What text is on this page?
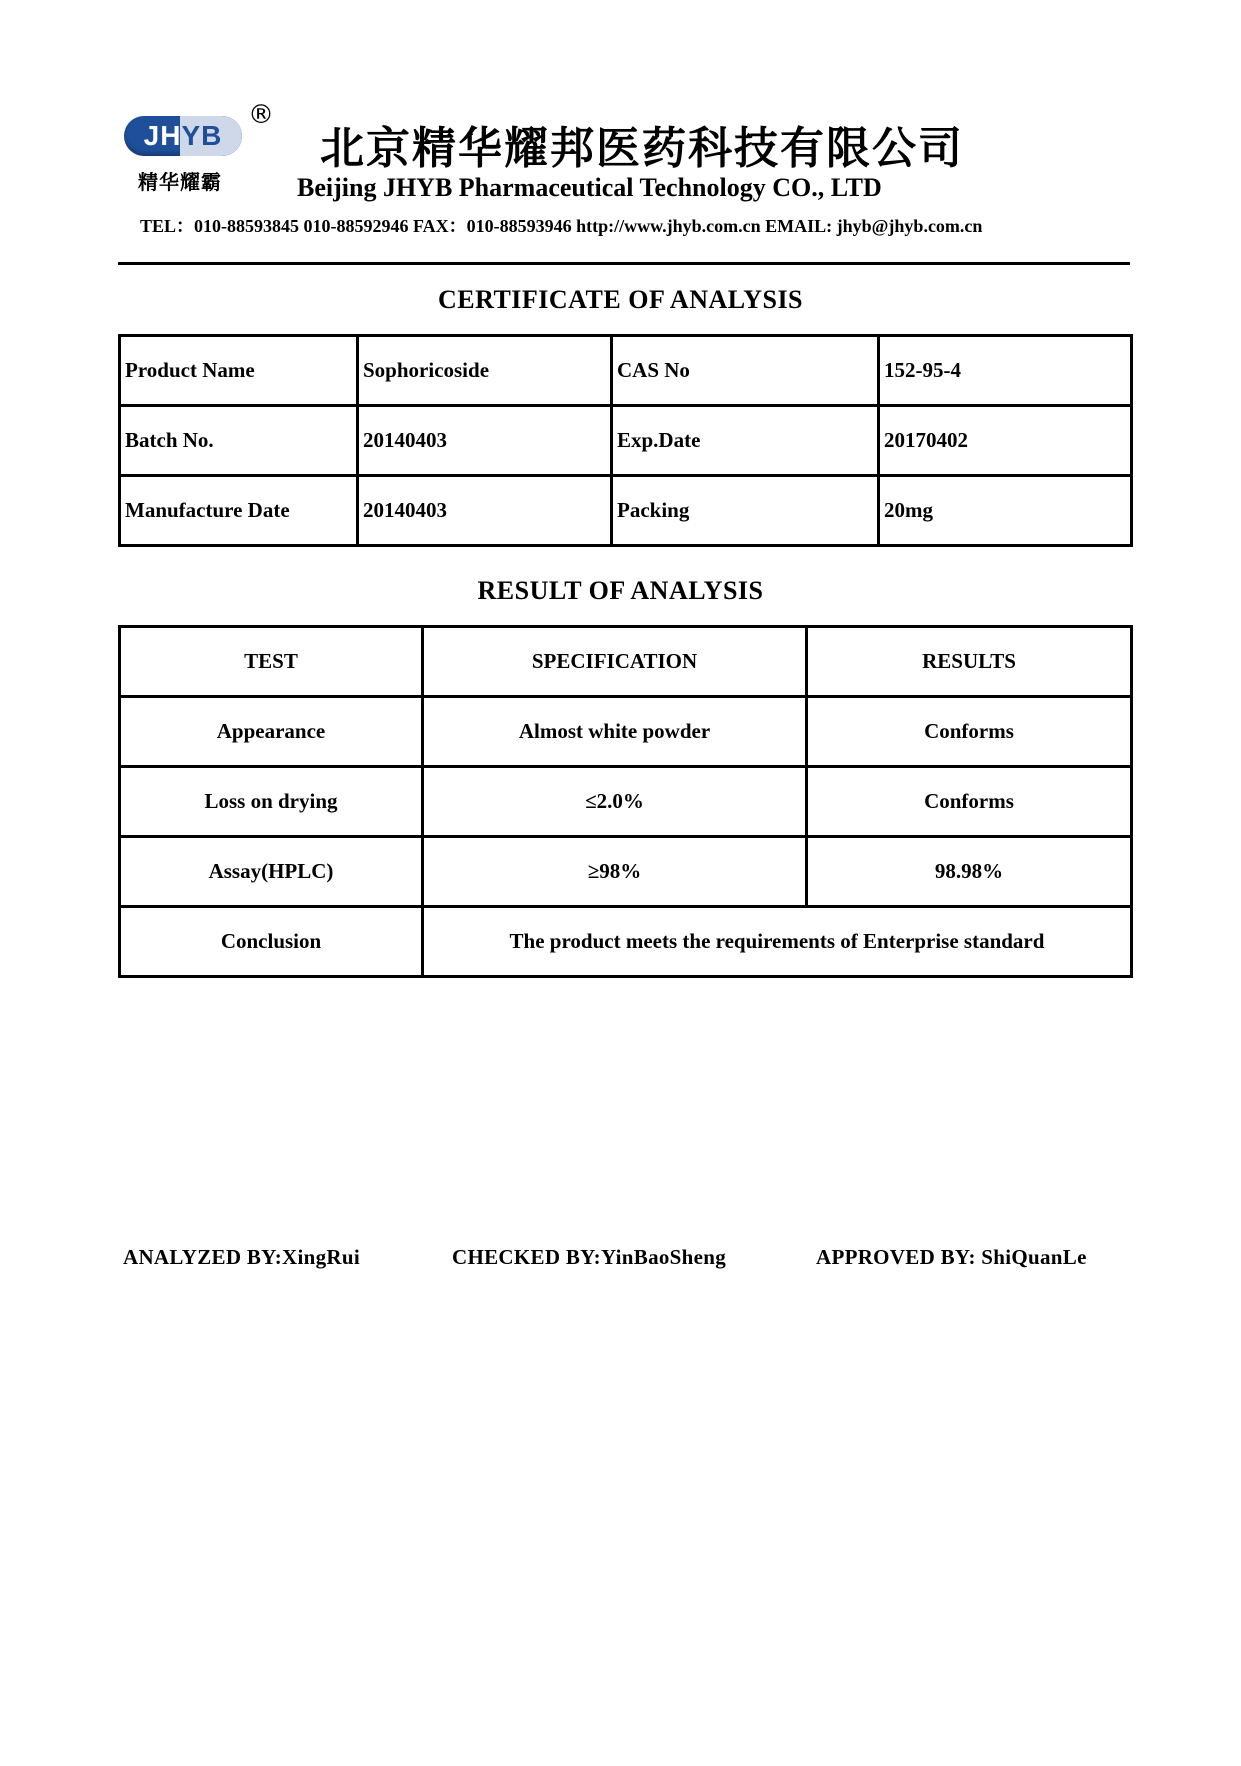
JH YB
®
精华耀霸
北京精华耀邦医药科技有限公司
Beijing JHYB Pharmaceutical Technology CO., LTD
TEL：010-88593845 010-88592946 FAX：010-88593946 http://www.jhyb.com.cn EMAIL: jhyb@jhyb.com.cn
CERTIFICATE OF ANALYSIS
Product Name	Sophoricoside	CAS No	152-95-4
Batch No.	20140403	Exp.Date	20170402
Manufacture Date	20140403	Packing	20mg
RESULT OF ANALYSIS
TEST	SPECIFICATION	RESULTS
Appearance	Almost white powder	Conforms
Loss on drying	≤2.0%	Conforms
Assay(HPLC)	≥98%	98.98%
Conclusion	The product meets the requirements of Enterprise standard	
ANALYZED BY:XingRui	CHECKED BY:YinBaoSheng	APPROVED BY: ShiQuanLe
